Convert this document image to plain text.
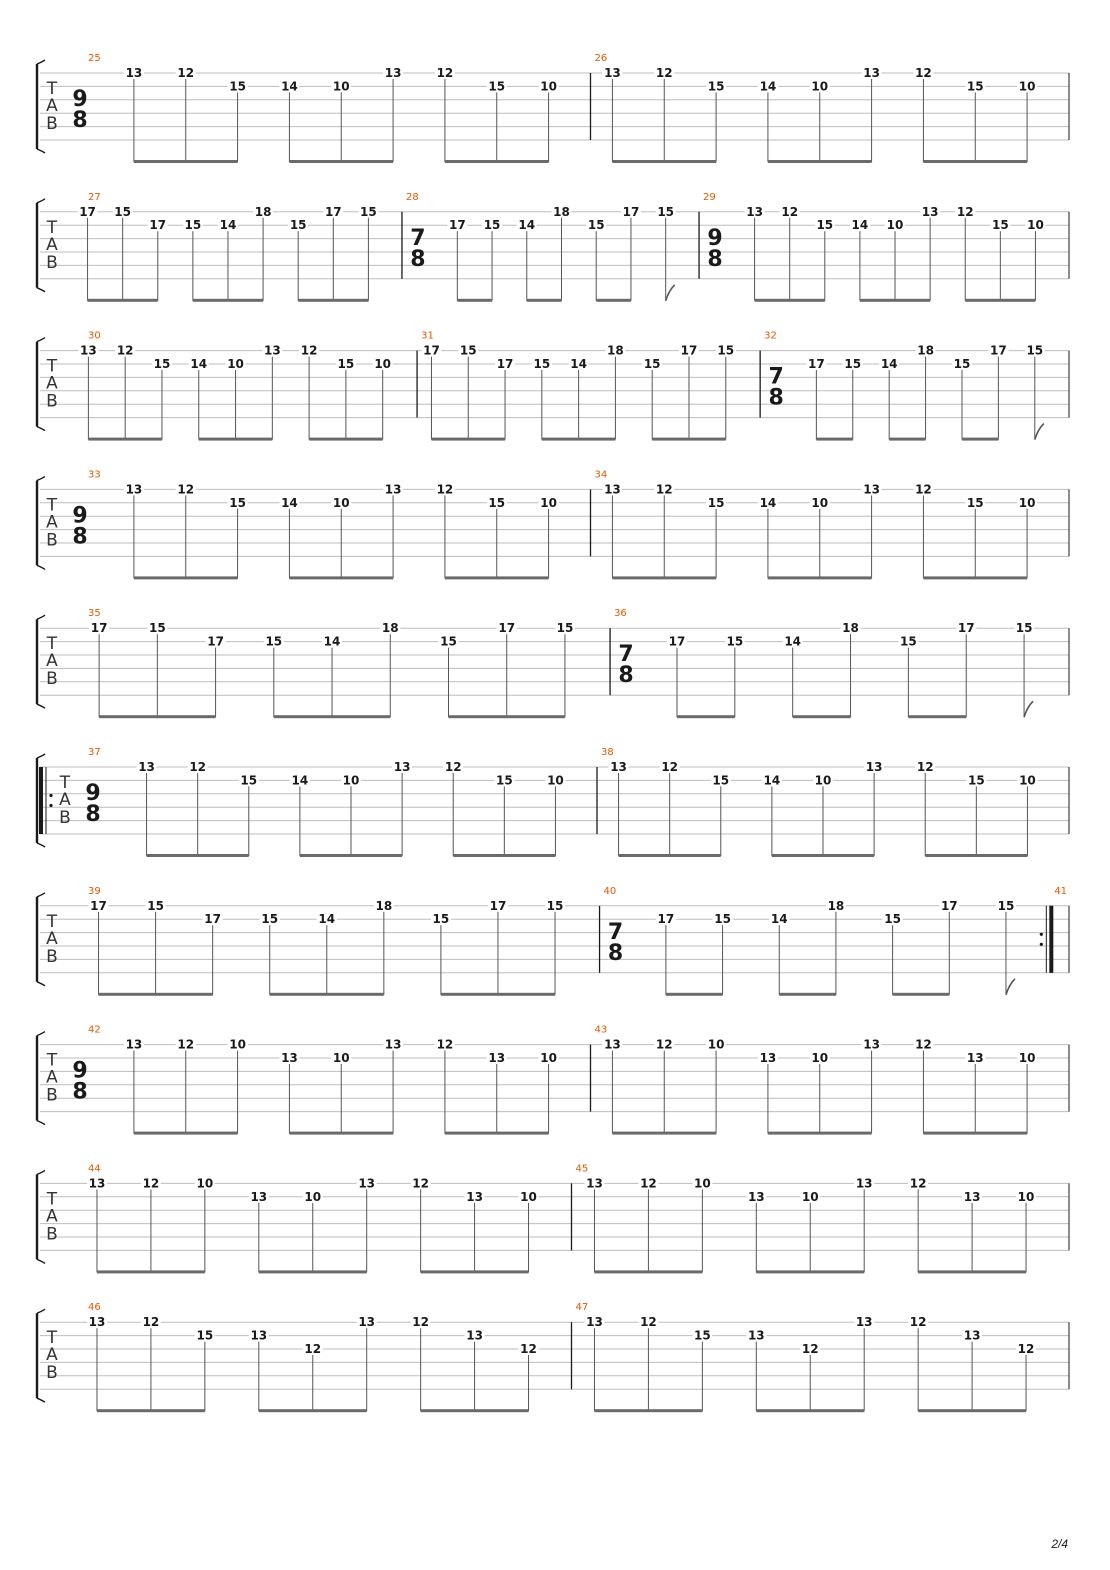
T
A
B
25
9
8
13	12
15	14	10
13	12
15	10
26
13	12
15	14	10
13	12
15	10
T
A
B
27
17 15
17 15 14
18
15
17 15
28
7
8
17 15 14
18
15
17 15
29
9
8
13 12
15 14 10
13 12
15 10
T
A
B
30
13 12
15 14 10
13 12
15 10
31
17 15
17 15 14
18
15
17 15
32
7
8
17 15 14
18
15
17 15
T
A
B
33
9
8
13	12
15	14	10
13	12
15	10
34
13	12
15	14	10
13	12
15	10
T
A
B
35
17	15
17	15	14
18
15
17	15
36
7
8
17	15	14
18
15
17	15
T
A
B
37
9
8
13	12
15	14	10
13	12
15	10
38
13	12
15	14	10
13	12
15	10
T
A
B
39
17	15
17	15	14
18
15
17	15
40
7
8
17	15	14
18
15
17	15
41
T
A
B
42
9
8
13	12	10
13	10
13	12
13	10
43
13	12	10
13	10
13	12
13	10
T
A
B
44
13	12	10
13	10
13	12
13	10
45
13	12	10
13	10
13	12
13	10
T
A
B
46
13	12
15	13
12
13	12
13
12
47
13	12
15	13
12
13	12
13
12
2/4
